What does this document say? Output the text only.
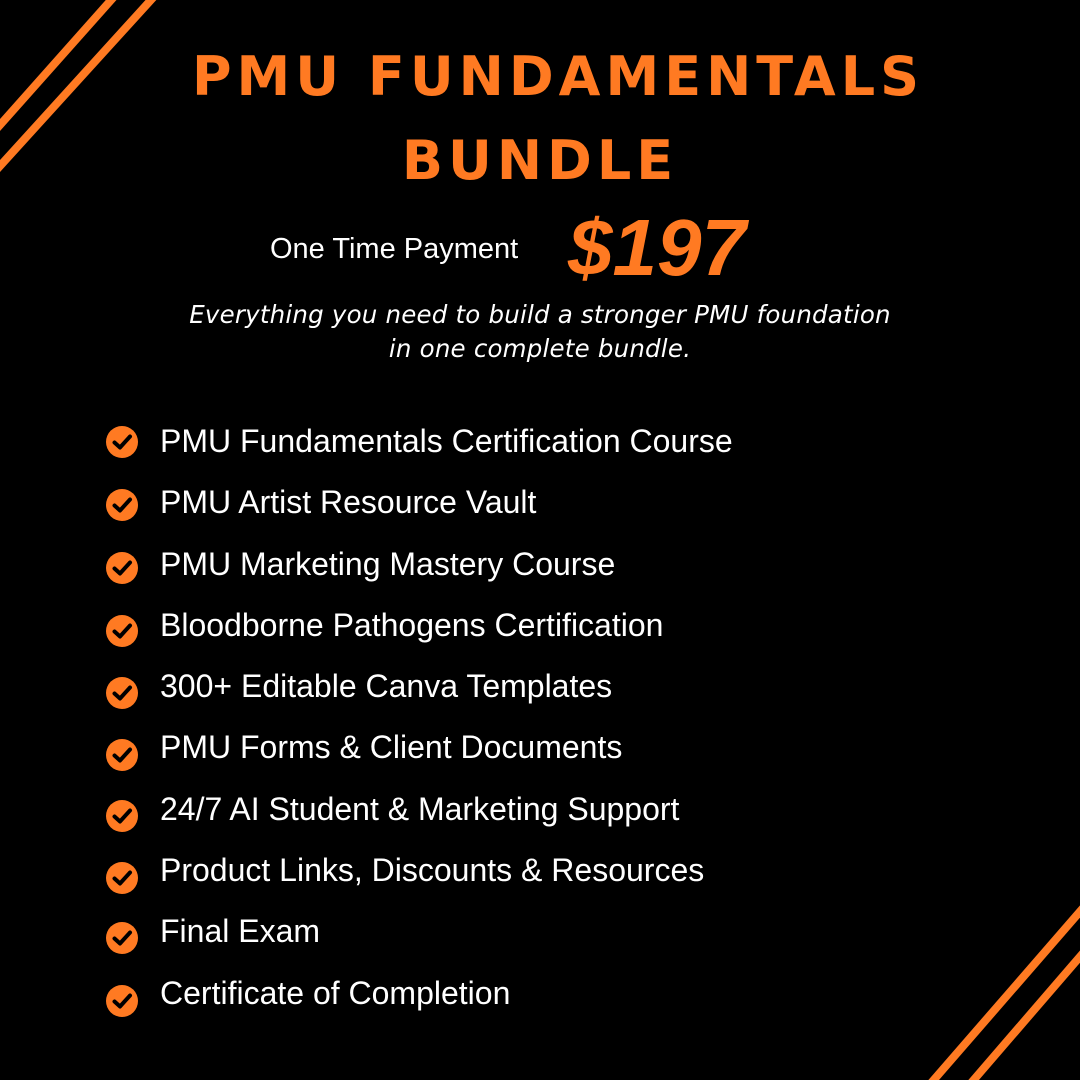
PMU FUNDAMENTALS
BUNDLE
One Time Payment $197
Everything you need to build a stronger PMU foundation
in one complete bundle.
PMU Fundamentals Certification Course
PMU Artist Resource Vault
PMU Marketing Mastery Course
Bloodborne Pathogens Certification
300+ Editable Canva Templates
PMU Forms & Client Documents
24/7 AI Student & Marketing Support
Product Links, Discounts & Resources
Final Exam
Certificate of Completion
